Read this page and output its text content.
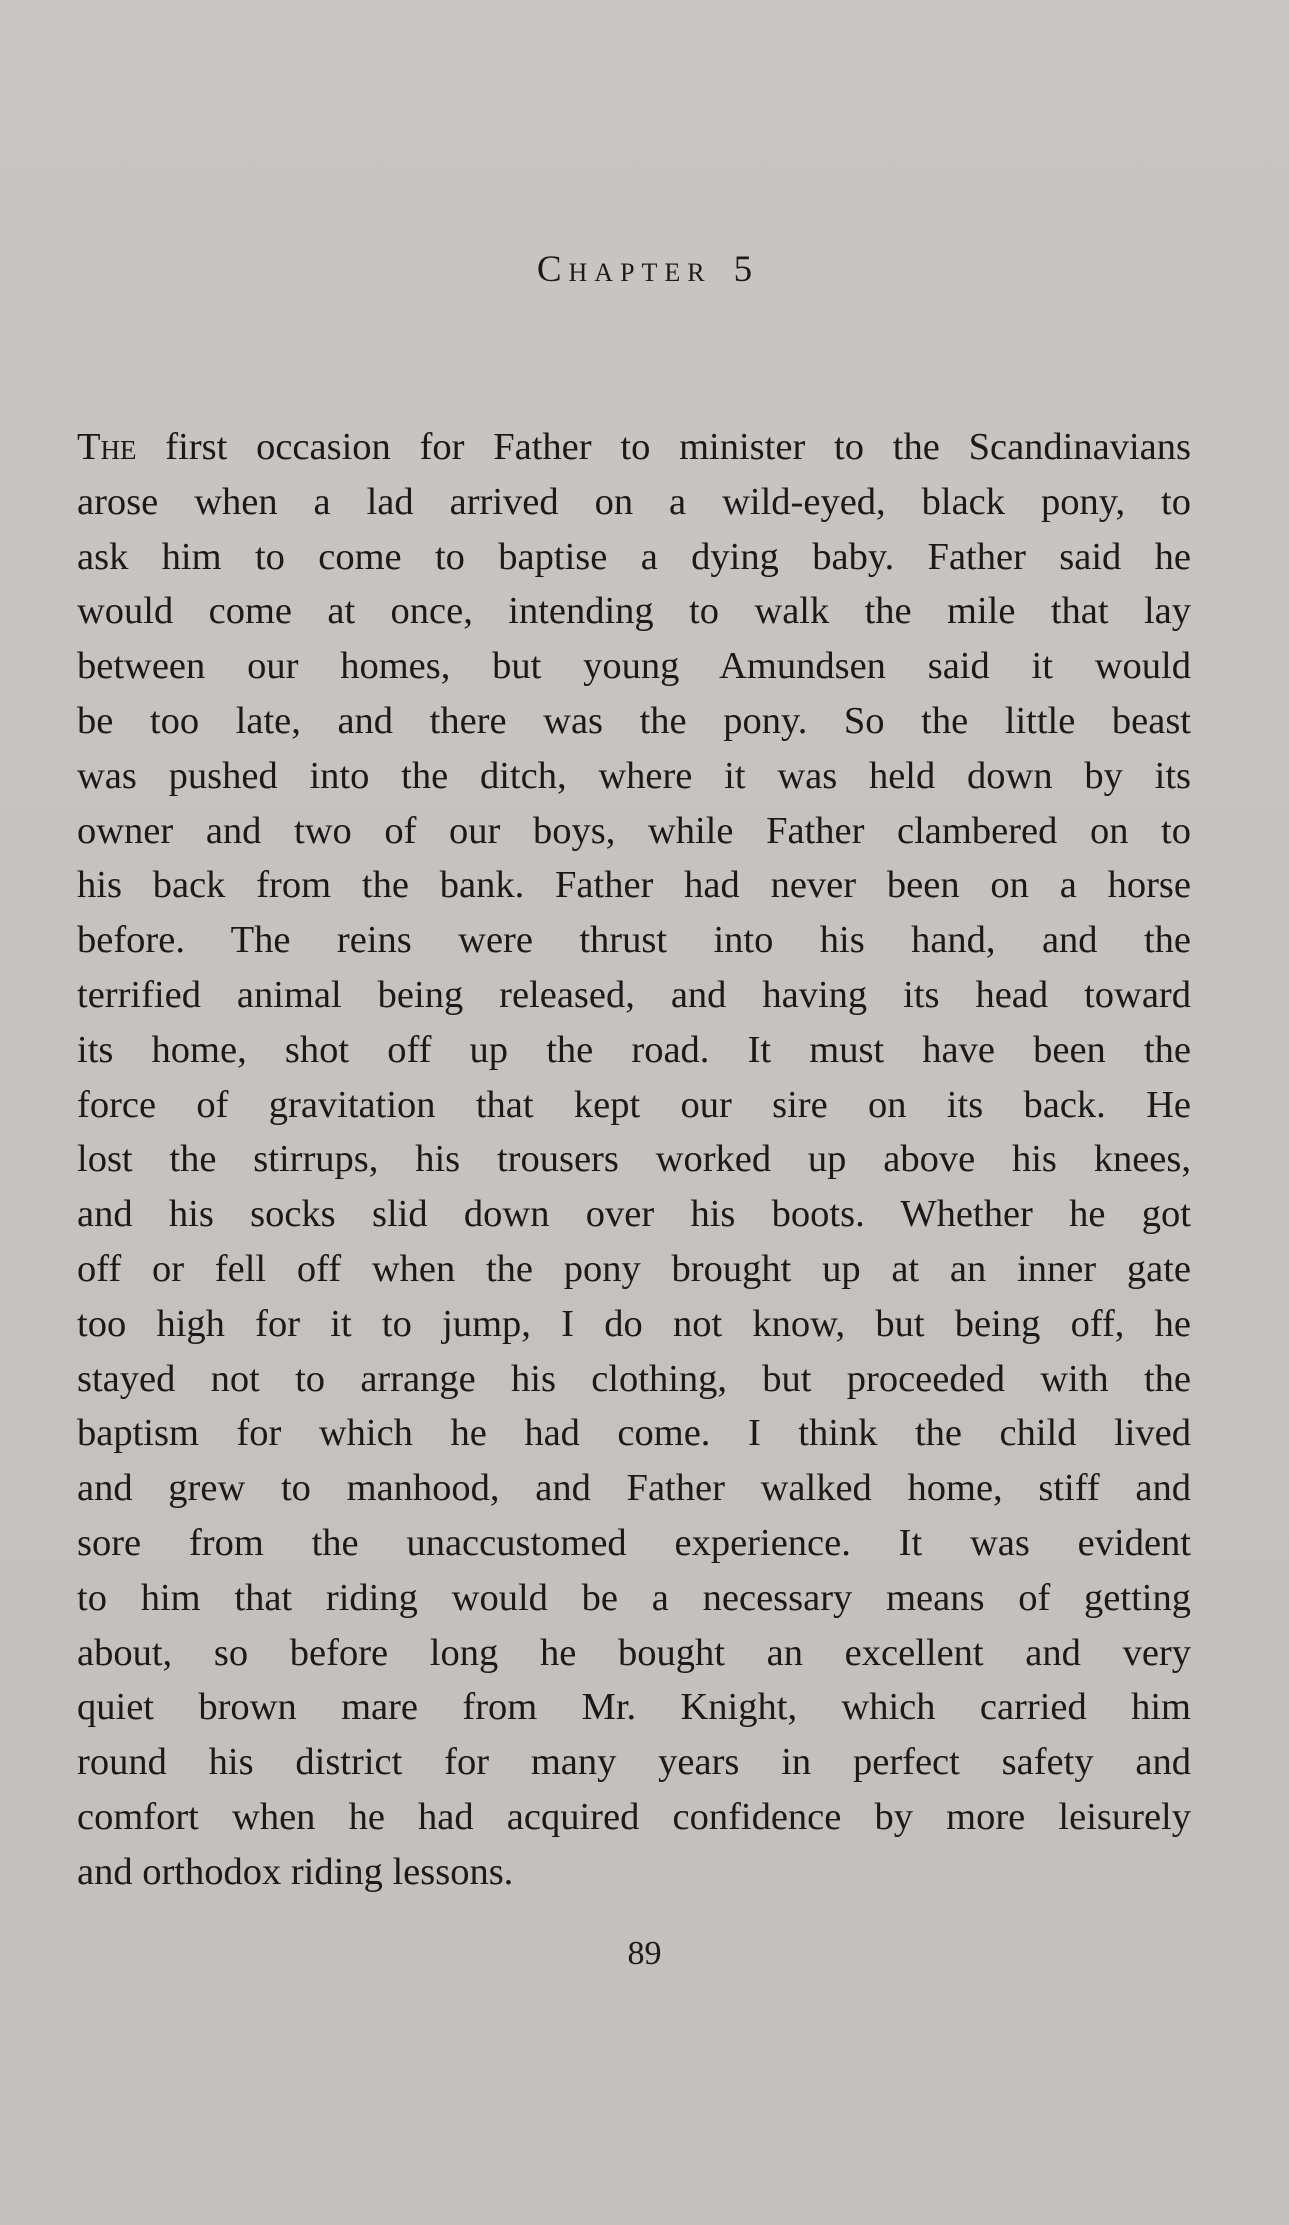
Chapter 5
The first occasion for Father to minister to the Scandinavians
arose when a lad arrived on a wild-eyed, black pony, to
ask him to come to baptise a dying baby. Father said he
would come at once, intending to walk the mile that lay
between our homes, but young Amundsen said it would
be too late, and there was the pony. So the little beast
was pushed into the ditch, where it was held down by its
owner and two of our boys, while Father clambered on to
his back from the bank. Father had never been on a horse
before. The reins were thrust into his hand, and the
terrified animal being released, and having its head toward
its home, shot off up the road. It must have been the
force of gravitation that kept our sire on its back. He
lost the stirrups, his trousers worked up above his knees,
and his socks slid down over his boots. Whether he got
off or fell off when the pony brought up at an inner gate
too high for it to jump, I do not know, but being off, he
stayed not to arrange his clothing, but proceeded with the
baptism for which he had come. I think the child lived
and grew to manhood, and Father walked home, stiff and
sore from the unaccustomed experience. It was evident
to him that riding would be a necessary means of getting
about, so before long he bought an excellent and very
quiet brown mare from Mr. Knight, which carried him
round his district for many years in perfect safety and
comfort when he had acquired confidence by more leisurely
and orthodox riding lessons.
89
